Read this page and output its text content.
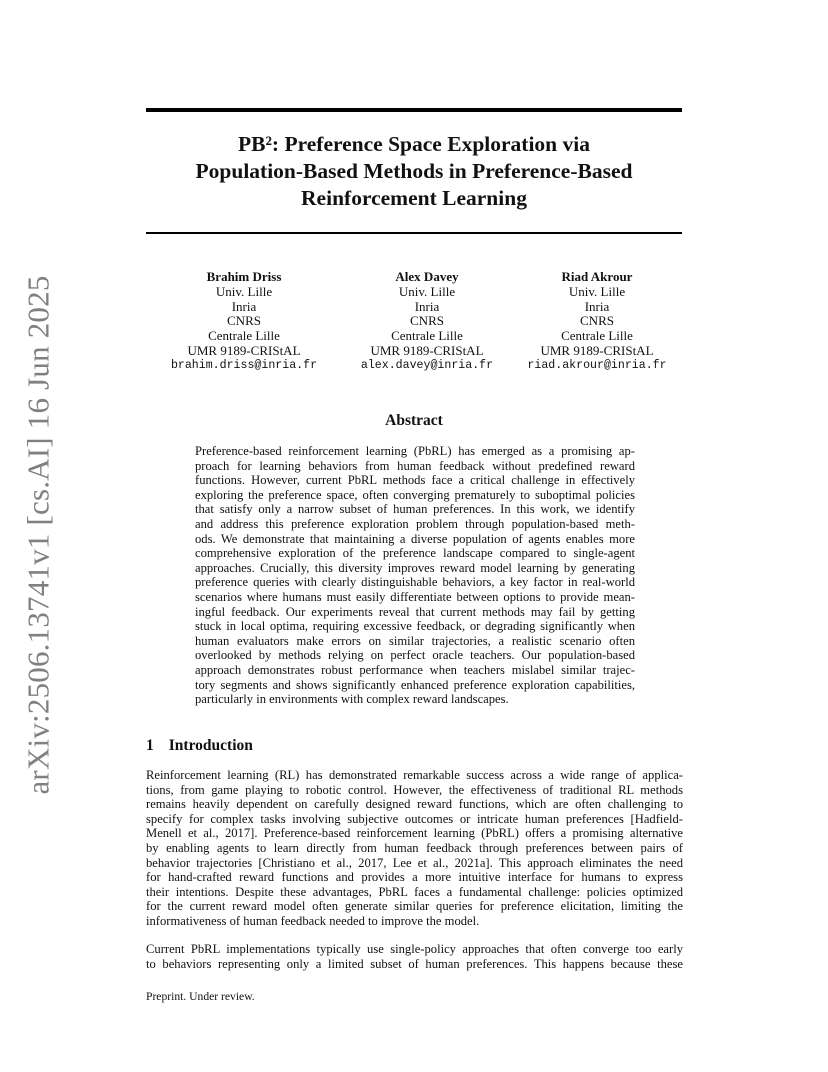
arXiv:2506.13741v1 [cs.AI] 16 Jun 2025
PB²: Preference Space Exploration via
Population-Based Methods in Preference-Based
Reinforcement Learning
Brahim Driss
Univ. Lille
Inria
CNRS
Centrale Lille
UMR 9189-CRIStAL
brahim.driss@inria.fr
Alex Davey
Univ. Lille
Inria
CNRS
Centrale Lille
UMR 9189-CRIStAL
alex.davey@inria.fr
Riad Akrour
Univ. Lille
Inria
CNRS
Centrale Lille
UMR 9189-CRIStAL
riad.akrour@inria.fr
Abstract
Preference-based reinforcement learning (PbRL) has emerged as a promising ap-
proach for learning behaviors from human feedback without predefined reward
functions. However, current PbRL methods face a critical challenge in effectively
exploring the preference space, often converging prematurely to suboptimal policies
that satisfy only a narrow subset of human preferences. In this work, we identify
and address this preference exploration problem through population-based meth-
ods. We demonstrate that maintaining a diverse population of agents enables more
comprehensive exploration of the preference landscape compared to single-agent
approaches. Crucially, this diversity improves reward model learning by generating
preference queries with clearly distinguishable behaviors, a key factor in real-world
scenarios where humans must easily differentiate between options to provide mean-
ingful feedback. Our experiments reveal that current methods may fail by getting
stuck in local optima, requiring excessive feedback, or degrading significantly when
human evaluators make errors on similar trajectories, a realistic scenario often
overlooked by methods relying on perfect oracle teachers. Our population-based
approach demonstrates robust performance when teachers mislabel similar trajec-
tory segments and shows significantly enhanced preference exploration capabilities,
particularly in environments with complex reward landscapes.
1 Introduction
Reinforcement learning (RL) has demonstrated remarkable success across a wide range of applica-
tions, from game playing to robotic control. However, the effectiveness of traditional RL methods
remains heavily dependent on carefully designed reward functions, which are often challenging to
specify for complex tasks involving subjective outcomes or intricate human preferences [Hadfield-
Menell et al., 2017]. Preference-based reinforcement learning (PbRL) offers a promising alternative
by enabling agents to learn directly from human feedback through preferences between pairs of
behavior trajectories [Christiano et al., 2017, Lee et al., 2021a]. This approach eliminates the need
for hand-crafted reward functions and provides a more intuitive interface for humans to express
their intentions. Despite these advantages, PbRL faces a fundamental challenge: policies optimized
for the current reward model often generate similar queries for preference elicitation, limiting the
informativeness of human feedback needed to improve the model.
Current PbRL implementations typically use single-policy approaches that often converge too early
to behaviors representing only a limited subset of human preferences. This happens because these
Preprint. Under review.
